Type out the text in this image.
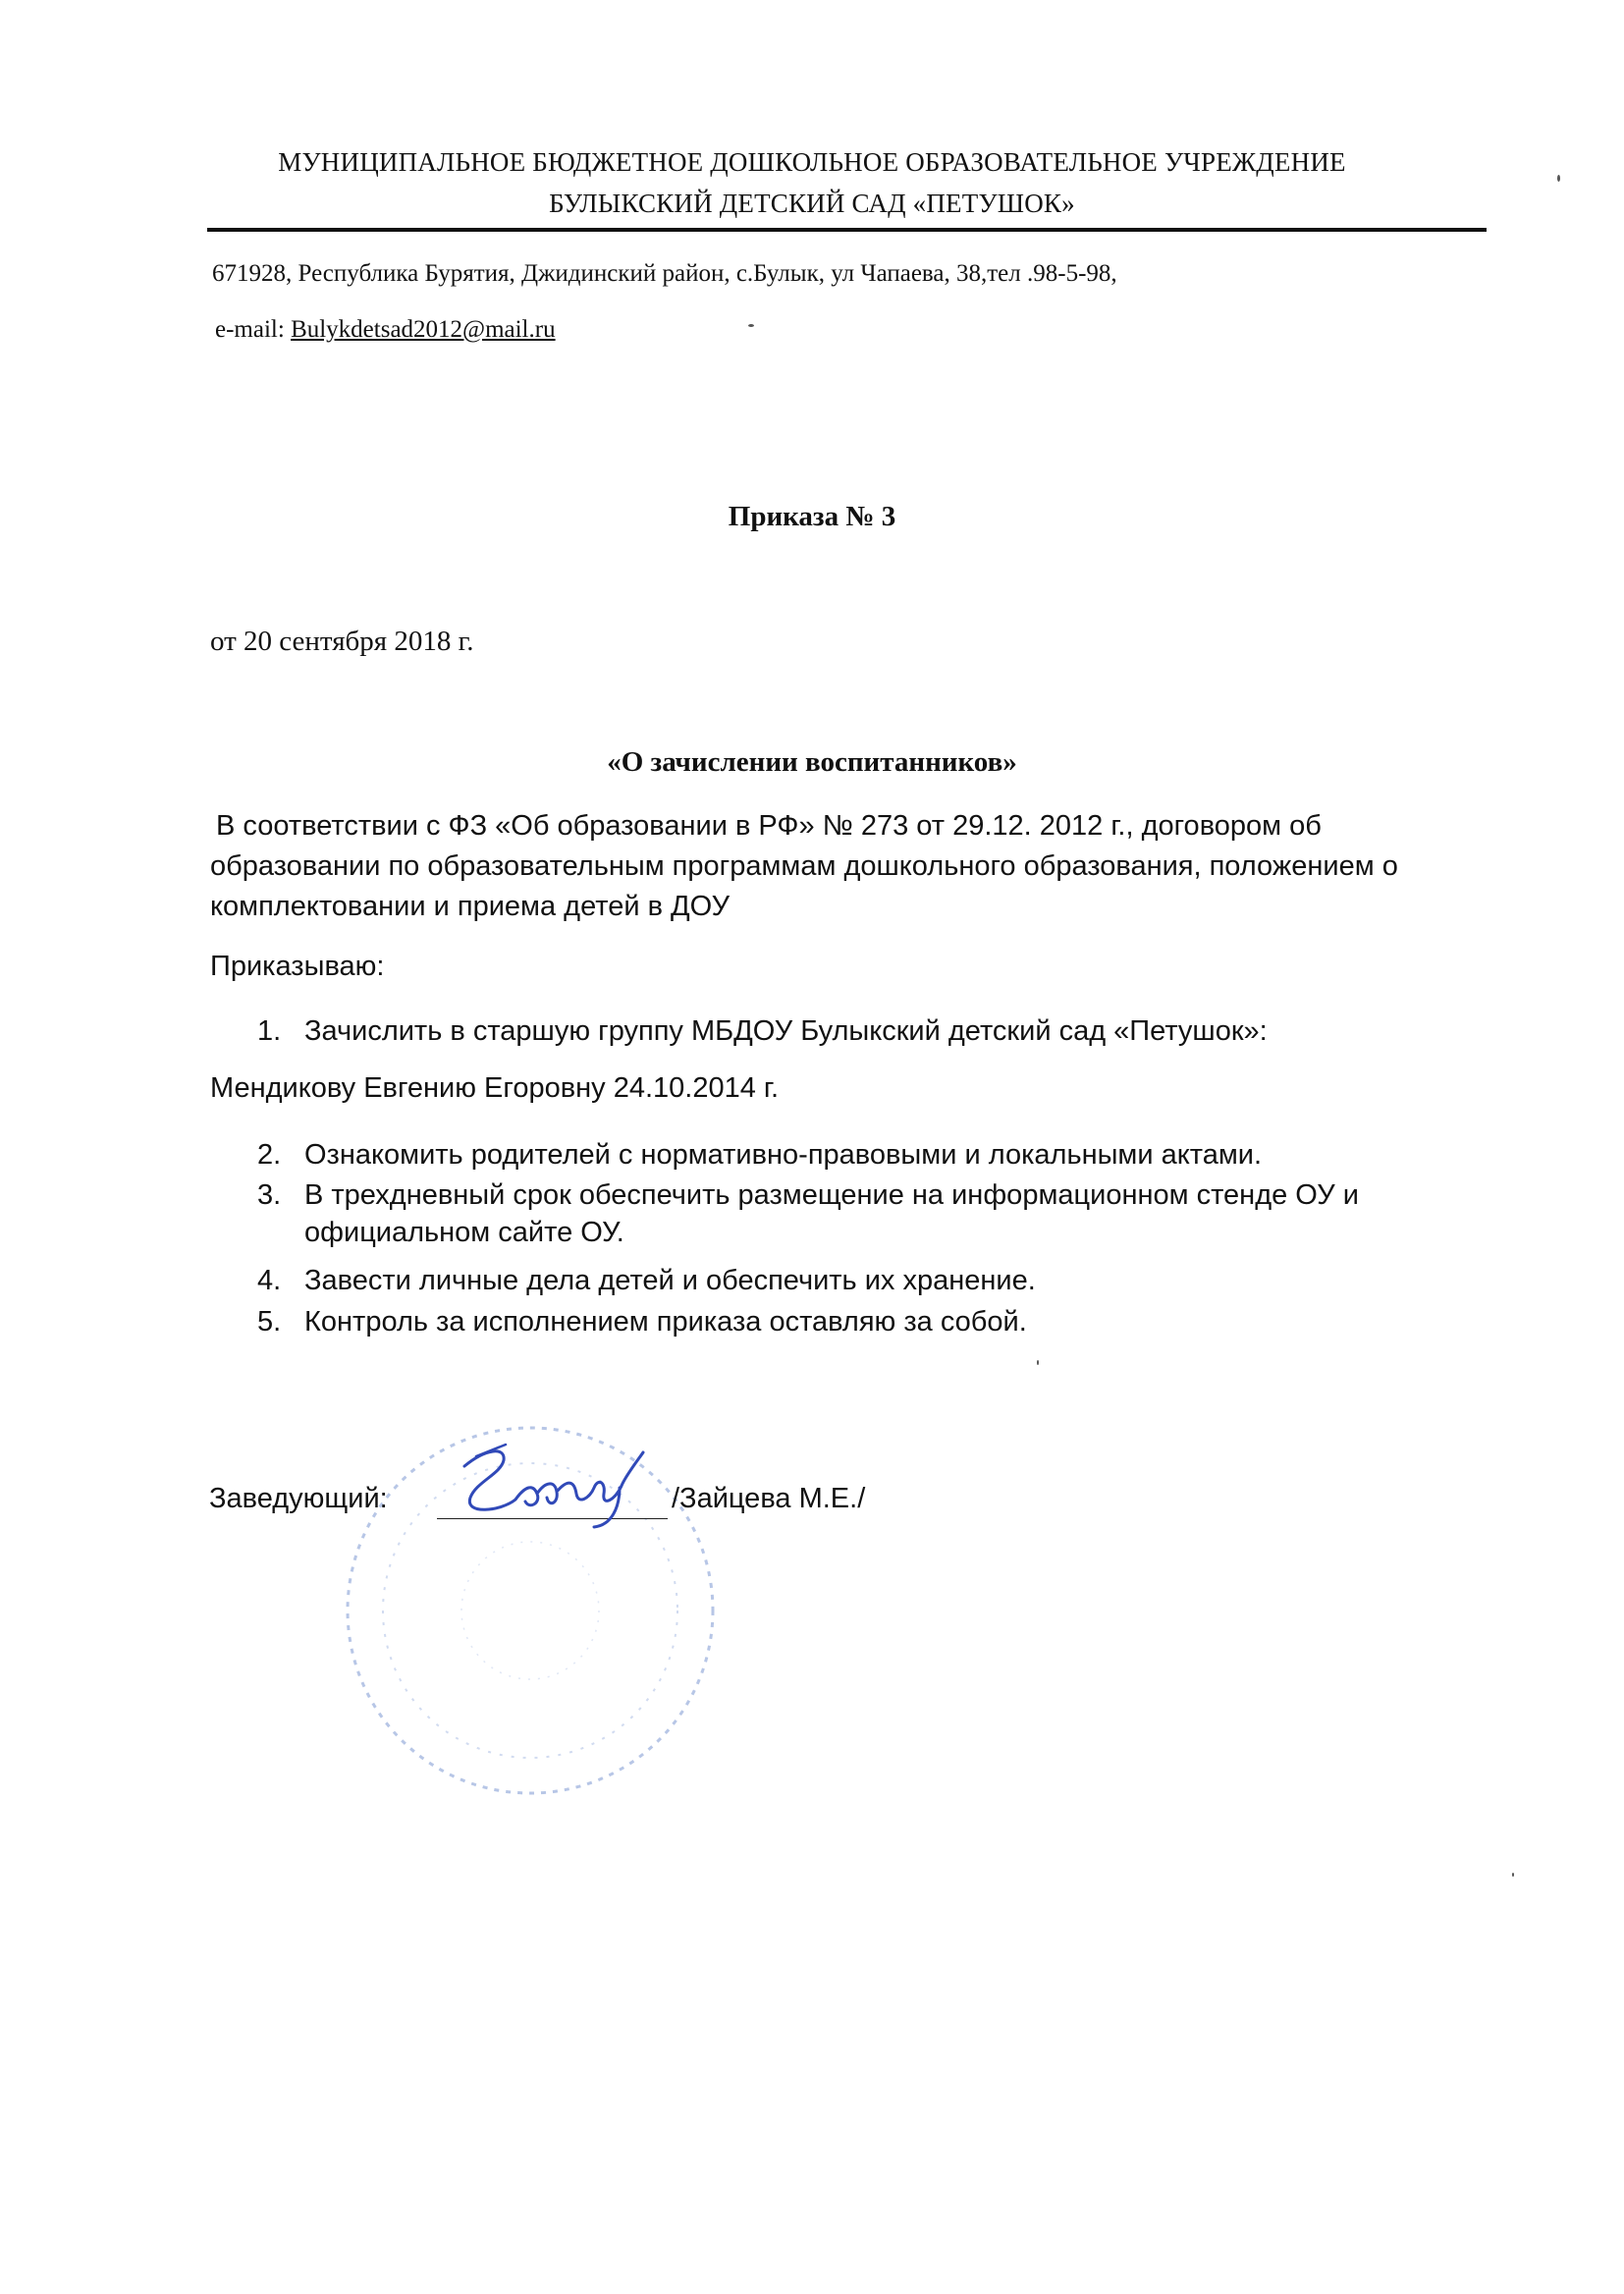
МУНИЦИПАЛЬНОЕ БЮДЖЕТНОЕ ДОШКОЛЬНОЕ ОБРАЗОВАТЕЛЬНОЕ УЧРЕЖДЕНИЕ
БУЛЫКСКИЙ ДЕТСКИЙ САД «ПЕТУШОК»
671928, Республика Бурятия, Джидинский район, с.Булык, ул Чапаева, 38,тел .98-5-98,
e-mail: Bulykdetsad2012@mail.ru
Приказа № 3
от 20 сентября 2018 г.
«О зачислении воспитанников»
В соответствии с ФЗ «Об образовании в РФ» № 273 от 29.12. 2012 г., договором об
образовании по образовательным программам дошкольного образования, положением о
комплектовании и приема детей в ДОУ
Приказываю:
1. Зачислить в старшую группу МБДОУ Булыкский детский сад «Петушок»:
Мендикову Евгению Егоровну 24.10.2014 г.
2. Ознакомить родителей с нормативно-правовыми и локальными актами.
3. В трехдневный срок обеспечить размещение на информационном стенде ОУ и
официальном сайте ОУ.
4. Завести личные дела детей и обеспечить их хранение.
5. Контроль за исполнением приказа оставляю за собой.
Заведующий:	/Зайцева М.Е./
